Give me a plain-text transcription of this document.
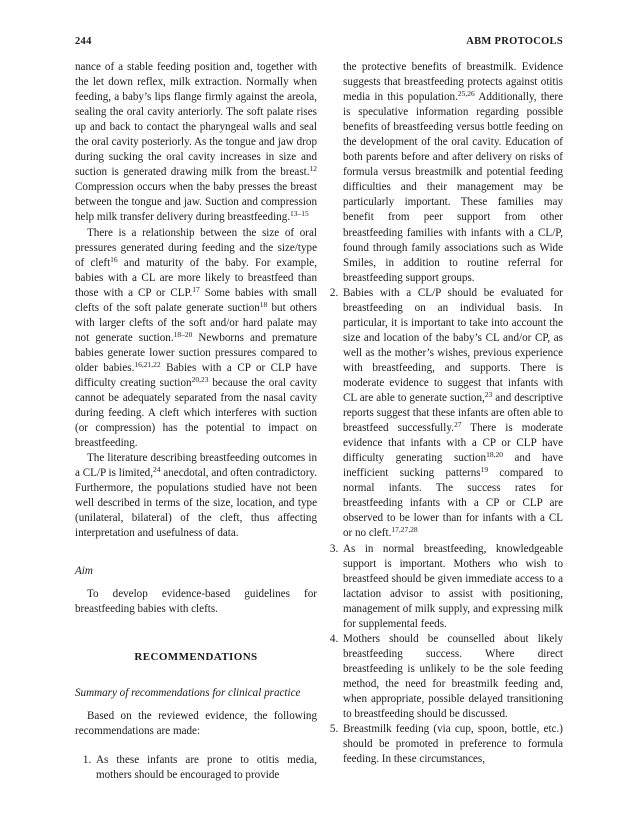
244	ABM PROTOCOLS

nance of a stable feeding position and, together with the let down reflex, milk extraction. Normally when feeding, a baby’s lips flange firmly against the areola, sealing the oral cavity anteriorly. The soft palate rises up and back to contact the pharyngeal walls and seal the oral cavity posteriorly. As the tongue and jaw drop during sucking the oral cavity increases in size and suction is generated drawing milk from the breast.$^{12}$ Compression occurs when the baby presses the breast between the tongue and jaw. Suction and compression help milk transfer delivery during breastfeeding.$^{13-15}$

There is a relationship between the size of oral pressures generated during feeding and the size/type of cleft$^{16}$ and maturity of the baby. For example, babies with a CL are more likely to breastfeed than those with a CP or CLP.$^{17}$ Some babies with small clefts of the soft palate generate suction$^{18}$ but others with larger clefts of the soft and/or hard palate may not generate suction.$^{18-20}$ Newborns and premature babies generate lower suction pressures compared to older babies.$^{16,21,22}$ Babies with a CP or CLP have difficulty creating suction$^{20,23}$ because the oral cavity cannot be adequately separated from the nasal cavity during feeding. A cleft which interferes with suction (or compression) has the potential to impact on breastfeeding.

The literature describing breastfeeding outcomes in a CL/P is limited,$^{24}$ anecdotal, and often contradictory. Furthermore, the populations studied have not been well described in terms of the size, location, and type (unilateral, bilateral) of the cleft, thus affecting interpretation and usefulness of data.

Aim

To develop evidence-based guidelines for breastfeeding babies with clefts.

RECOMMENDATIONS

Summary of recommendations for clinical practice

Based on the reviewed evidence, the following recommendations are made:

1. As these infants are prone to otitis media, mothers should be encouraged to provide
the protective benefits of breastmilk. Evidence suggests that breastfeeding protects against otitis media in this population.$^{25,26}$ Additionally, there is speculative information regarding possible benefits of breastfeeding versus bottle feeding on the development of the oral cavity. Education of both parents before and after delivery on risks of formula versus breastmilk and potential feeding difficulties and their management may be particularly important. These families may benefit from peer support from other breastfeeding families with infants with a CL/P, found through family associations such as Wide Smiles, in addition to routine referral for breastfeeding support groups.
2. Babies with a CL/P should be evaluated for breastfeeding on an individual basis. In particular, it is important to take into account the size and location of the baby’s CL and/or CP, as well as the mother’s wishes, previous experience with breastfeeding, and supports. There is moderate evidence to suggest that infants with CL are able to generate suction,$^{23}$ and descriptive reports suggest that these infants are often able to breastfeed successfully.$^{27}$ There is moderate evidence that infants with a CP or CLP have difficulty generating suction$^{18,20}$ and have inefficient sucking patterns$^{19}$ compared to normal infants. The success rates for breastfeeding infants with a CP or CLP are observed to be lower than for infants with a CL or no cleft.$^{17,27,28}$
3. As in normal breastfeeding, knowledgeable support is important. Mothers who wish to breastfeed should be given immediate access to a lactation advisor to assist with positioning, management of milk supply, and expressing milk for supplemental feeds.
4. Mothers should be counselled about likely breastfeeding success. Where direct breastfeeding is unlikely to be the sole feeding method, the need for breastmilk feeding and, when appropriate, possible delayed transitioning to breastfeeding should be discussed.
5. Breastmilk feeding (via cup, spoon, bottle, etc.) should be promoted in preference to formula feeding. In these circumstances,
